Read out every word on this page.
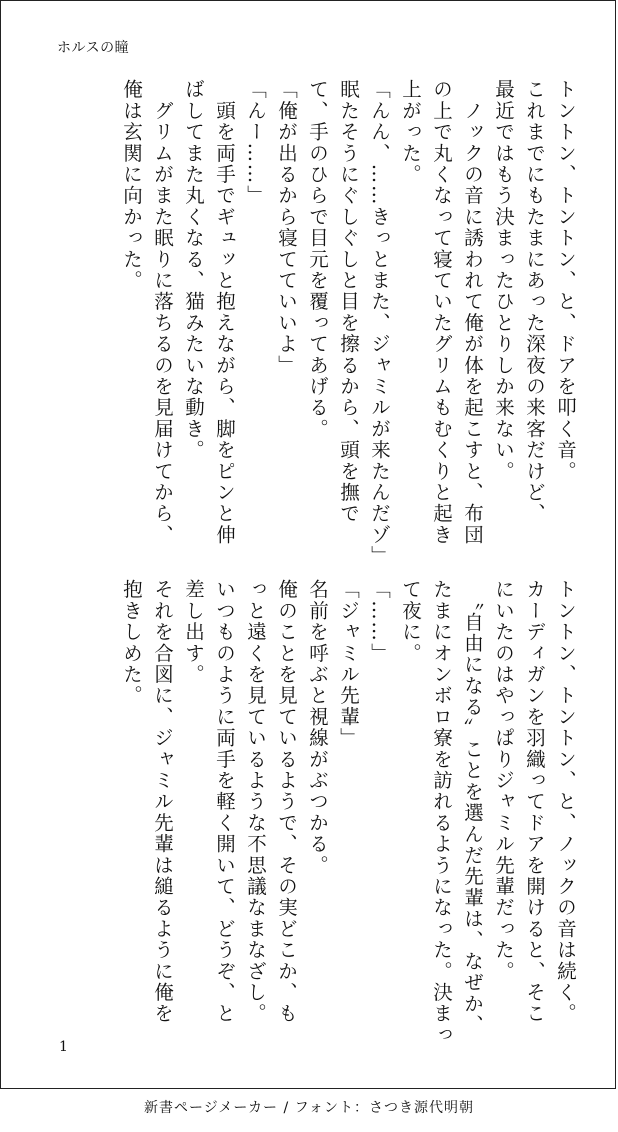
ホルスの瞳

トントン、トントン、と、ドアを叩く音。

これまでにもたまにあった深夜の来客だけど、

最近ではもう決まったひとりしか来ない。

　ノックの音に誘われて俺が体を起こすと、布団

の上で丸くなって寝ていたグリムもむくりと起き

上がった。

「んん、……きっとまた、ジャミルが来たんだゾ」

眠たそうにぐしぐしと目を擦るから、頭を撫で

て、手のひらで目元を覆ってあげる。

「俺が出るから寝てていいよ」

「んー……」

　頭を両手でギュッと抱えながら、脚をピンと伸

ばしてまた丸くなる、猫みたいな動き。

　グリムがまた眠りに落ちるのを見届けてから、

俺は玄関に向かった。

トントン、トントン、と、ノックの音は続く。

カーディガンを羽織ってドアを開けると、そこ

にいたのはやっぱりジャミル先輩だった。

　〝自由になる〟ことを選んだ先輩は、なぜか、

たまにオンボロ寮を訪れるようになった。決まっ

て夜に。

「……」

「ジャミル先輩」

名前を呼ぶと視線がぶつかる。

俺のことを見ているようで、その実どこか、も

っと遠くを見ているような不思議なまなざし。

いつものように両手を軽く開いて、どうぞ、と

差し出す。

それを合図に、ジャミル先輩は縋るように俺を

抱きしめた。

1
新書ページメーカー / フォント：さつき源代明朝
